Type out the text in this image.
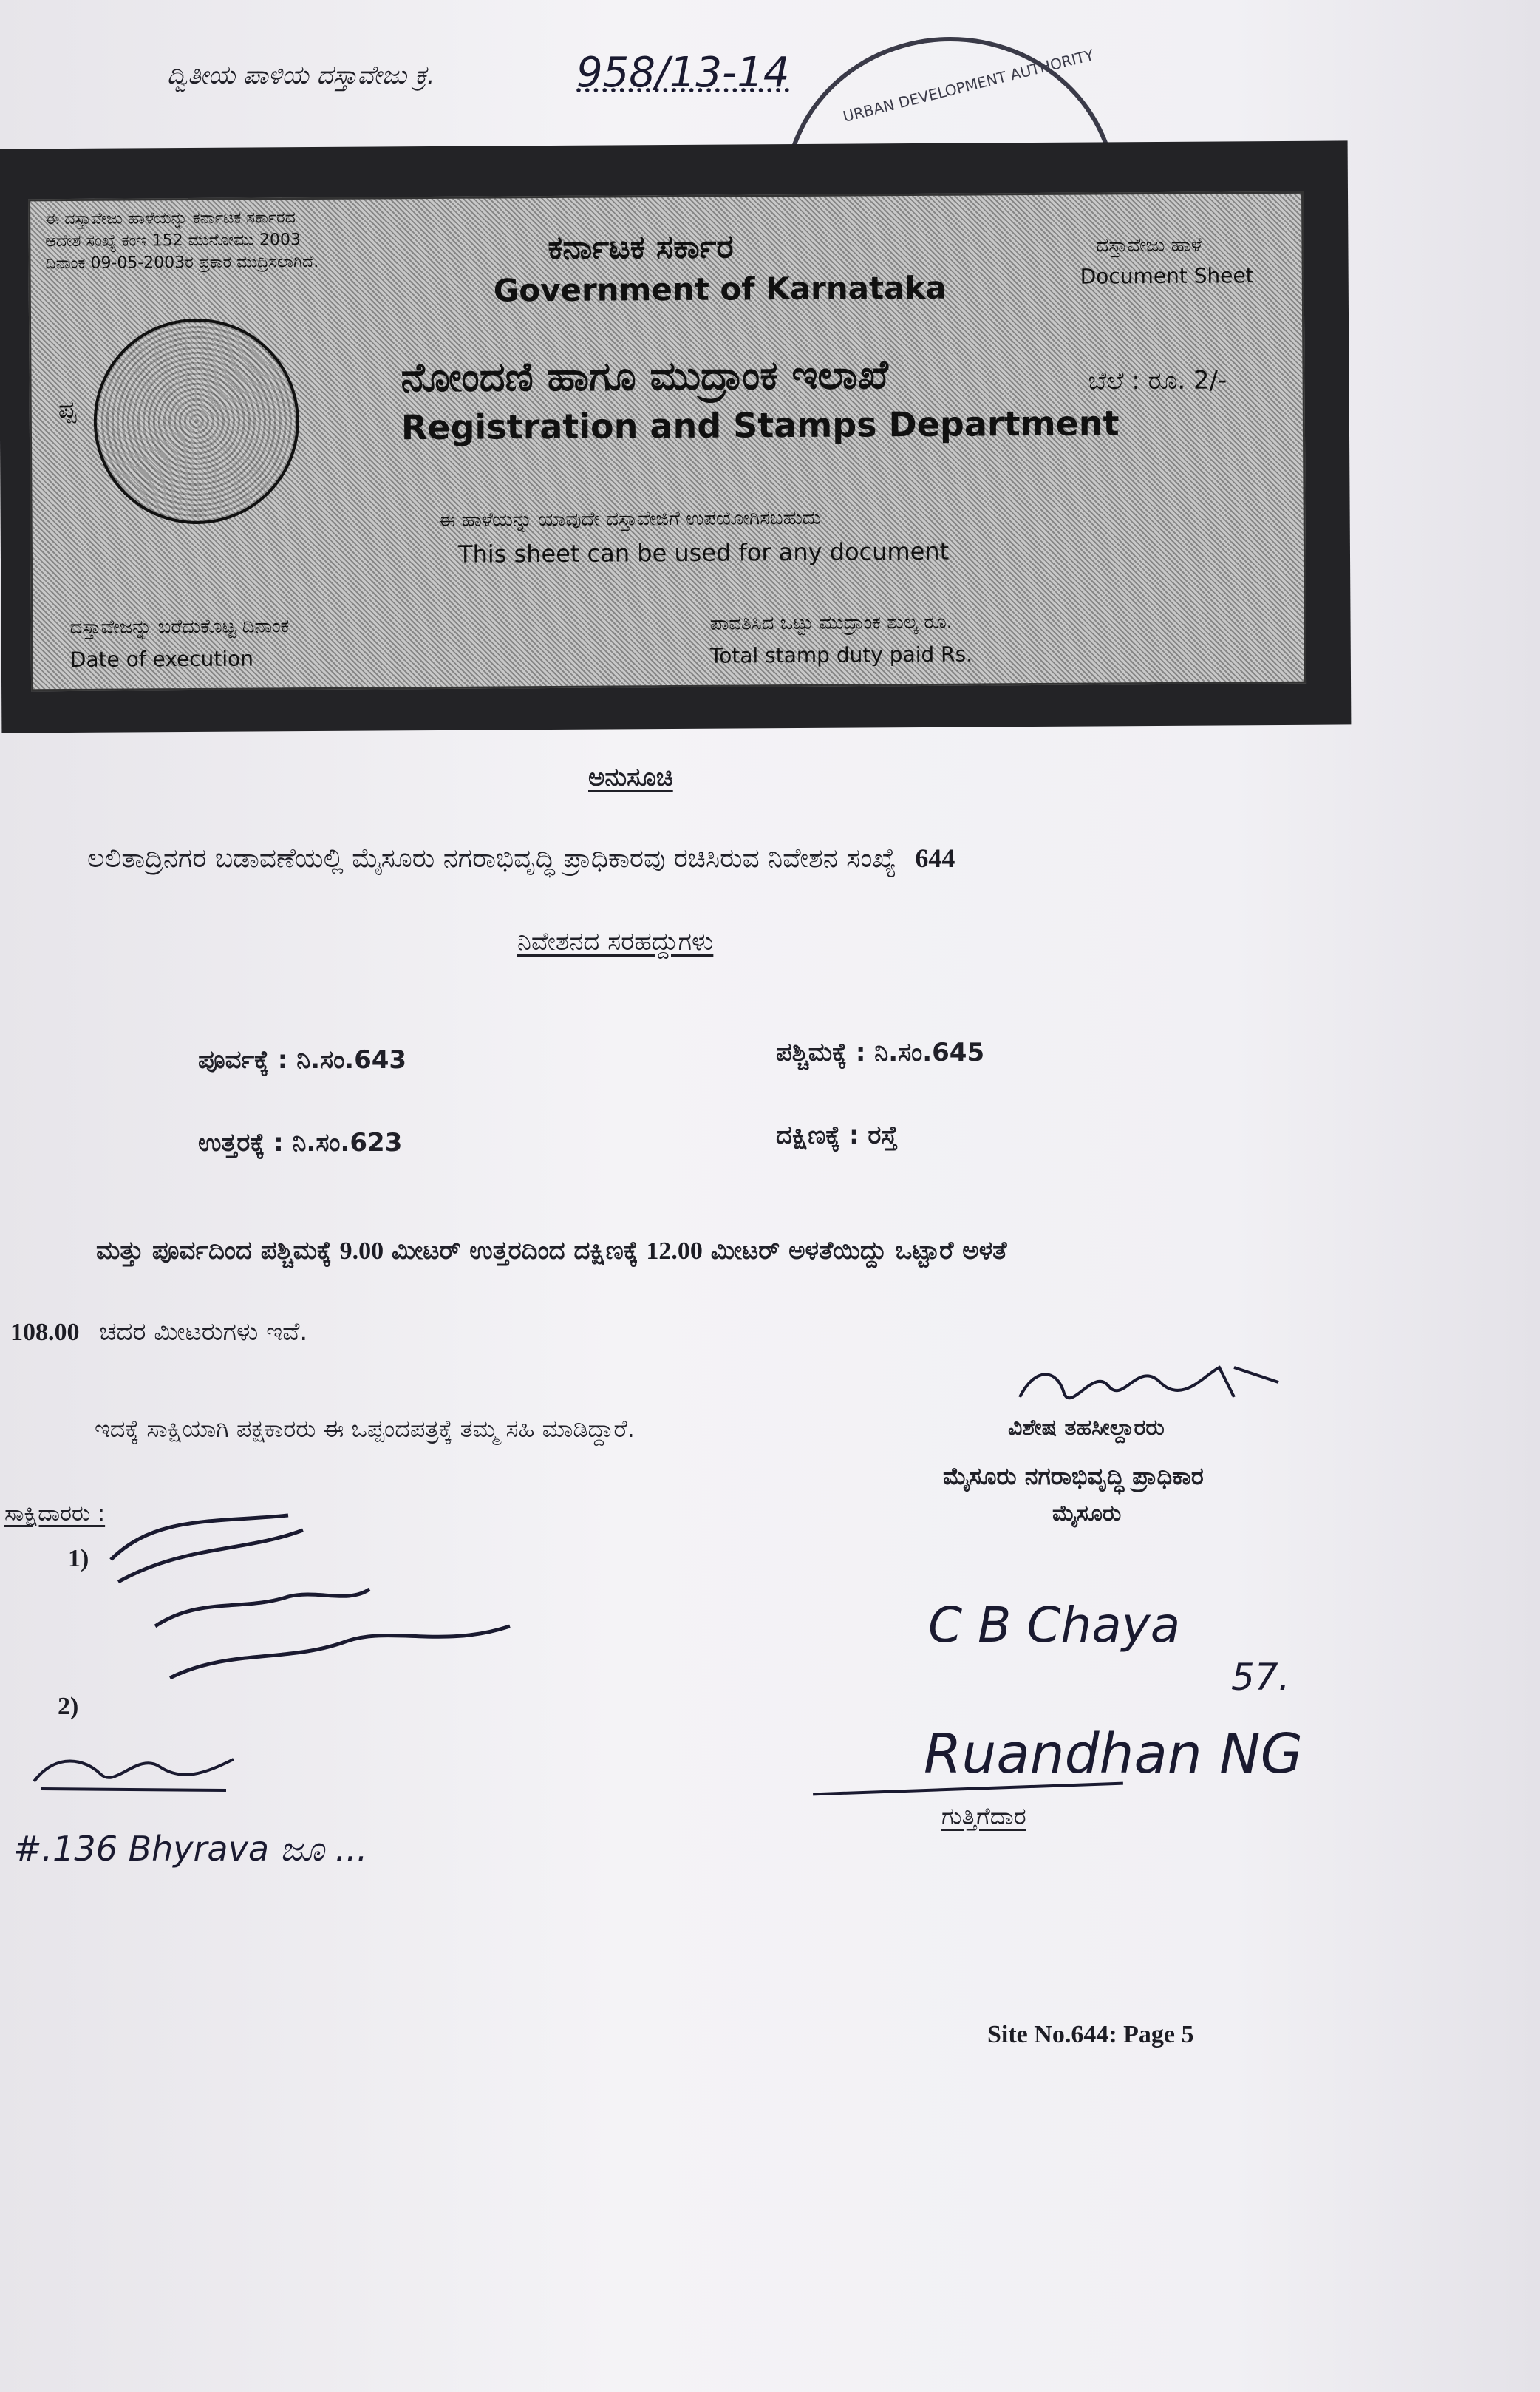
ದ್ವಿತೀಯ ಪಾಳಿಯ ದಸ್ತಾವೇಜು ಕ್ರ.	958/13-14	URBAN DEVELOPMENT AUTHORITY
ಈ ದಸ್ತಾವೇಜು ಹಾಳೆಯನ್ನು ಕರ್ನಾಟಕ ಸರ್ಕಾರದ
ಆದೇಶ ಸಂಖ್ಯೆ ಕಂಇ 152 ಮುನೋಮು 2003
ದಿನಾಂಕ 09-05-2003ರ ಪ್ರಕಾರ ಮುದ್ರಿಸಲಾಗಿದೆ.	ಕರ್ನಾಟಕ ಸರ್ಕಾರ
Government of Karnataka
ದಸ್ತಾವೇಜು ಹಾಳೆ
Document Sheet
ಪ್ಪ
ನೋಂದಣಿ ಹಾಗೂ ಮುದ್ರಾಂಕ ಇಲಾಖೆ
Registration and Stamps Department
ಬೆಲೆ : ರೂ. 2/-
ಈ ಹಾಳೆಯನ್ನು ಯಾವುದೇ ದಸ್ತಾವೇಜಿಗೆ ಉಪಯೋಗಿಸಬಹುದು
This sheet can be used for any document
ದಸ್ತಾವೇಜನ್ನು ಬರೆದುಕೊಟ್ಟ ದಿನಾಂಕ
Date of execution
ಪಾವತಿಸಿದ ಒಟ್ಟು ಮುದ್ರಾಂಕ ಶುಲ್ಕ ರೂ.
Total stamp duty paid Rs.
ಅನುಸೂಚಿ
ಲಲಿತಾದ್ರಿನಗರ ಬಡಾವಣೆಯಲ್ಲಿ ಮೈಸೂರು ನಗರಾಭಿವೃದ್ಧಿ ಪ್ರಾಧಿಕಾರವು ರಚಿಸಿರುವ ನಿವೇಶನ ಸಂಖ್ಯೆ 644
ನಿವೇಶನದ ಸರಹದ್ದುಗಳು
ಪೂರ್ವಕ್ಕೆ : ನಿ.ಸಂ.643	ಪಶ್ಚಿಮಕ್ಕೆ : ನಿ.ಸಂ.645
ಉತ್ತರಕ್ಕೆ : ನಿ.ಸಂ.623	ದಕ್ಷಿಣಕ್ಕೆ : ರಸ್ತೆ
ಮತ್ತು ಪೂರ್ವದಿಂದ ಪಶ್ಚಿಮಕ್ಕೆ 9.00 ಮೀಟರ್ ಉತ್ತರದಿಂದ ದಕ್ಷಿಣಕ್ಕೆ 12.00 ಮೀಟರ್ ಅಳತೆಯಿದ್ದು ಒಟ್ಟಾರೆ ಅಳತೆ
108.00 ಚದರ ಮೀಟರುಗಳು ಇವೆ.
ಇದಕ್ಕೆ ಸಾಕ್ಷಿಯಾಗಿ ಪಕ್ಷಕಾರರು ಈ ಒಪ್ಪಂದಪತ್ರಕ್ಕೆ ತಮ್ಮ ಸಹಿ ಮಾಡಿದ್ದಾರೆ.	ವಿಶೇಷ ತಹಸೀಲ್ದಾರರು
ಮೈಸೂರು ನಗರಾಭಿವೃದ್ಧಿ ಪ್ರಾಧಿಕಾರ
ಮೈಸೂರು
ಸಾಕ್ಷಿದಾರರು :
1)
2)
#.136 Bhyrava ಜೂ ...
C B Chaya
57.
Ruandhan NG
ಗುತ್ತಿಗೆದಾರ
Site No.644: Page 5
